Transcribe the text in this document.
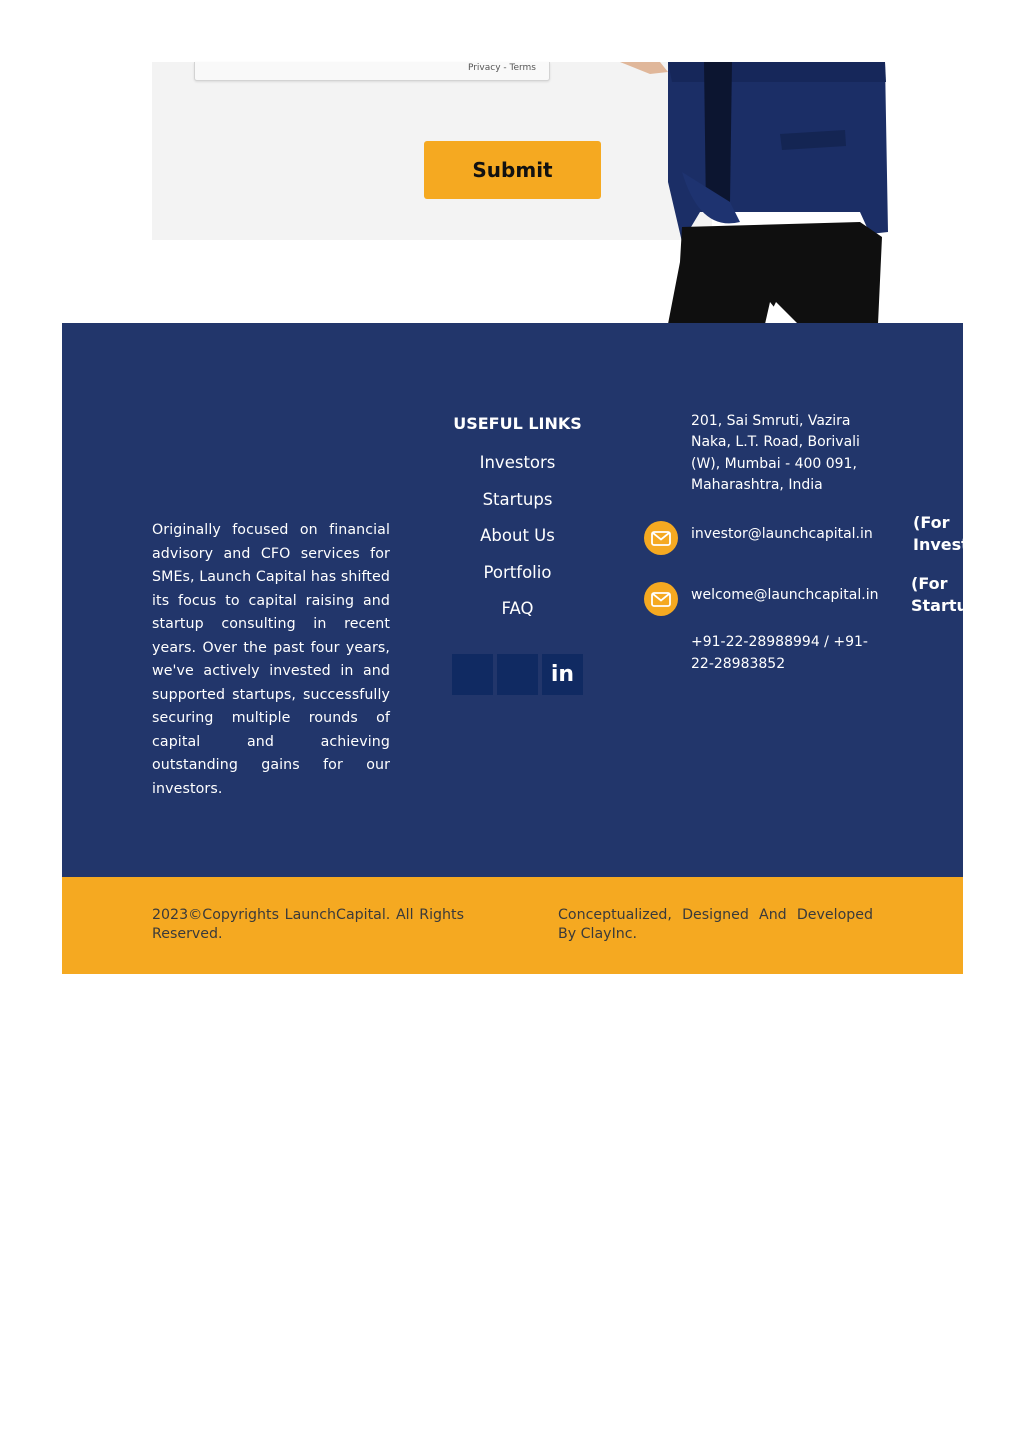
Privacy - Terms
Submit

Originally focused on financial advisory and CFO services for SMEs, Launch Capital has shifted its focus to capital raising and startup consulting in recent years. Over the past four years, we've actively invested in and supported startups, successfully securing multiple rounds of capital and achieving outstanding gains for our investors.

USEFUL LINKS
Investors
Startups
About Us
Portfolio
FAQ
in
201, Sai Smruti, Vazira Naka, L.T. Road, Borivali (W), Mumbai - 400 091, Maharashtra, India
investor@launchcapital.in
(For Invest
welcome@launchcapital.in
(For Startu
+91-22-28988994 / +91-22-28983852
2023©Copyrights LaunchCapital. All Rights Reserved.
Conceptualized, Designed And Developed By ClayInc.
